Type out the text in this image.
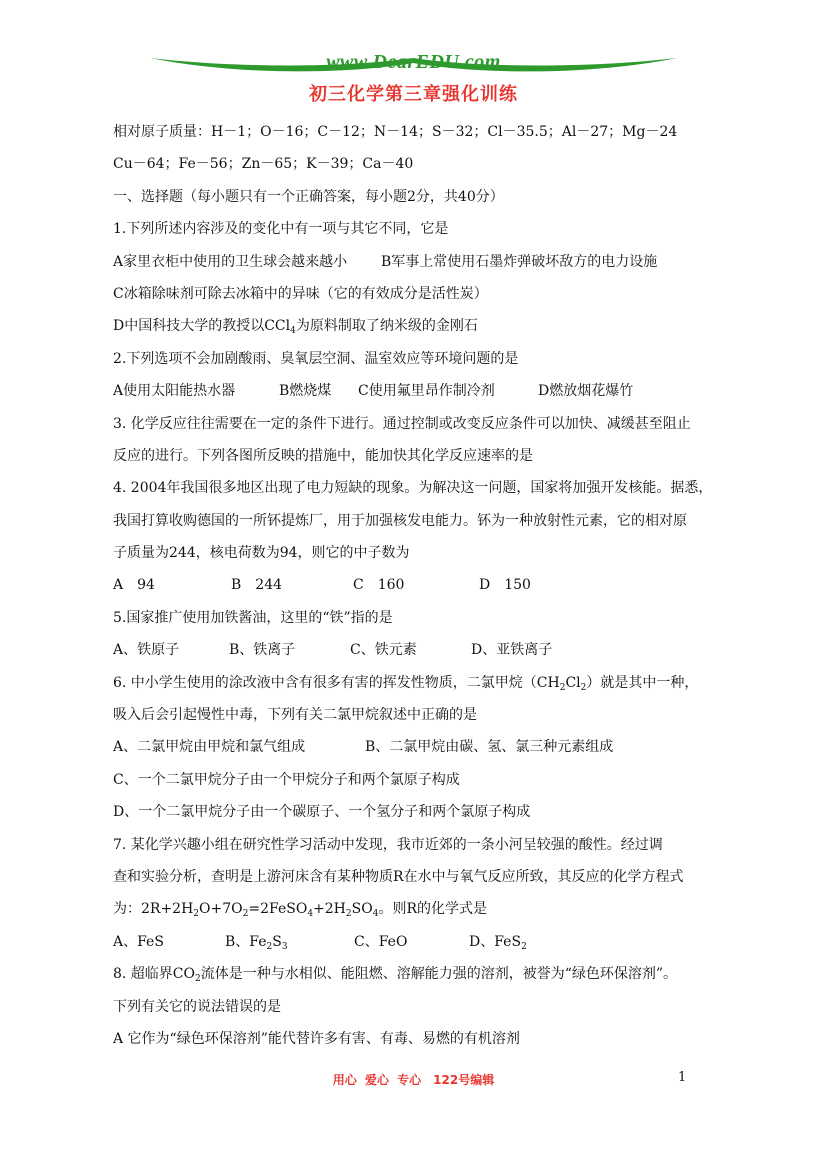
www.DearEDU.com
初三化学第三章强化训练
相对原子质量：H－1；O－16；C－12；N－14；S－32；Cl－35.5；Al－27；Mg－24
Cu－64；Fe－56；Zn－65；K－39；Ca－40
一、选择题（每小题只有一个正确答案，每小题2分，共40分）
1.下列所述内容涉及的变化中有一项与其它不同，它是
A家里衣柜中使用的卫生球会越来越小 B军事上常使用石墨炸弹破坏敌方的电力设施
C冰箱除味剂可除去冰箱中的异味（它的有效成分是活性炭）
D中国科技大学的教授以CCl$_4$为原料制取了纳米级的金刚石
2.下列选项不会加剧酸雨、臭氧层空洞、温室效应等环境问题的是
A使用太阳能热水器	B燃烧煤 C使用氟里昂作制冷剂	D燃放烟花爆竹
3. 化学反应往往需要在一定的条件下进行。通过控制或改变反应条件可以加快、减缓甚至阻止
反应的进行。下列各图所反映的措施中，能加快其化学反应速率的是
4. 2004年我国很多地区出现了电力短缺的现象。为解决这一问题，国家将加强开发核能。据悉，
我国打算收购德国的一所钚提炼厂，用于加强核发电能力。钚为一种放射性元素，它的相对原
子质量为244，核电荷数为94，则它的中子数为
A　94	B　244	C　160	D　150
5.国家推广使用加铁酱油，这里的“铁”指的是
A、铁原子	B、铁离子	C、铁元素	D、亚铁离子
6. 中小学生使用的涂改液中含有很多有害的挥发性物质，二氯甲烷$(CH_2Cl_2)$就是其中一种，
吸入后会引起慢性中毒，下列有关二氯甲烷叙述中正确的是
A、二氯甲烷由甲烷和氯气组成	B、二氯甲烷由碳、氢、氯三种元素组成
C、一个二氯甲烷分子由一个甲烷分子和两个氯原子构成
D、一个二氯甲烷分子由一个碳原子、一个氢分子和两个氯原子构成
7. 某化学兴趣小组在研究性学习活动中发现，我市近郊的一条小河呈较强的酸性。经过调
查和实验分析，查明是上游河床含有某种物质R在水中与氧气反应所致，其反应的化学方程式
为：$2R+2H_2O+7O_2=2FeSO_4+2H_2SO_4$。则R的化学式是
A、FeS	B、$Fe_2S_3$	C、FeO	D、FeS$_2$
8. 超临界$CO_2$流体是一种与水相似、能阻燃、溶解能力强的溶剂，被誉为“绿色环保溶剂”。
下列有关它的说法错误的是
A 它作为“绿色环保溶剂”能代替许多有害、有毒、易燃的有机溶剂
用心 爱心 专心　122号编辑	1
